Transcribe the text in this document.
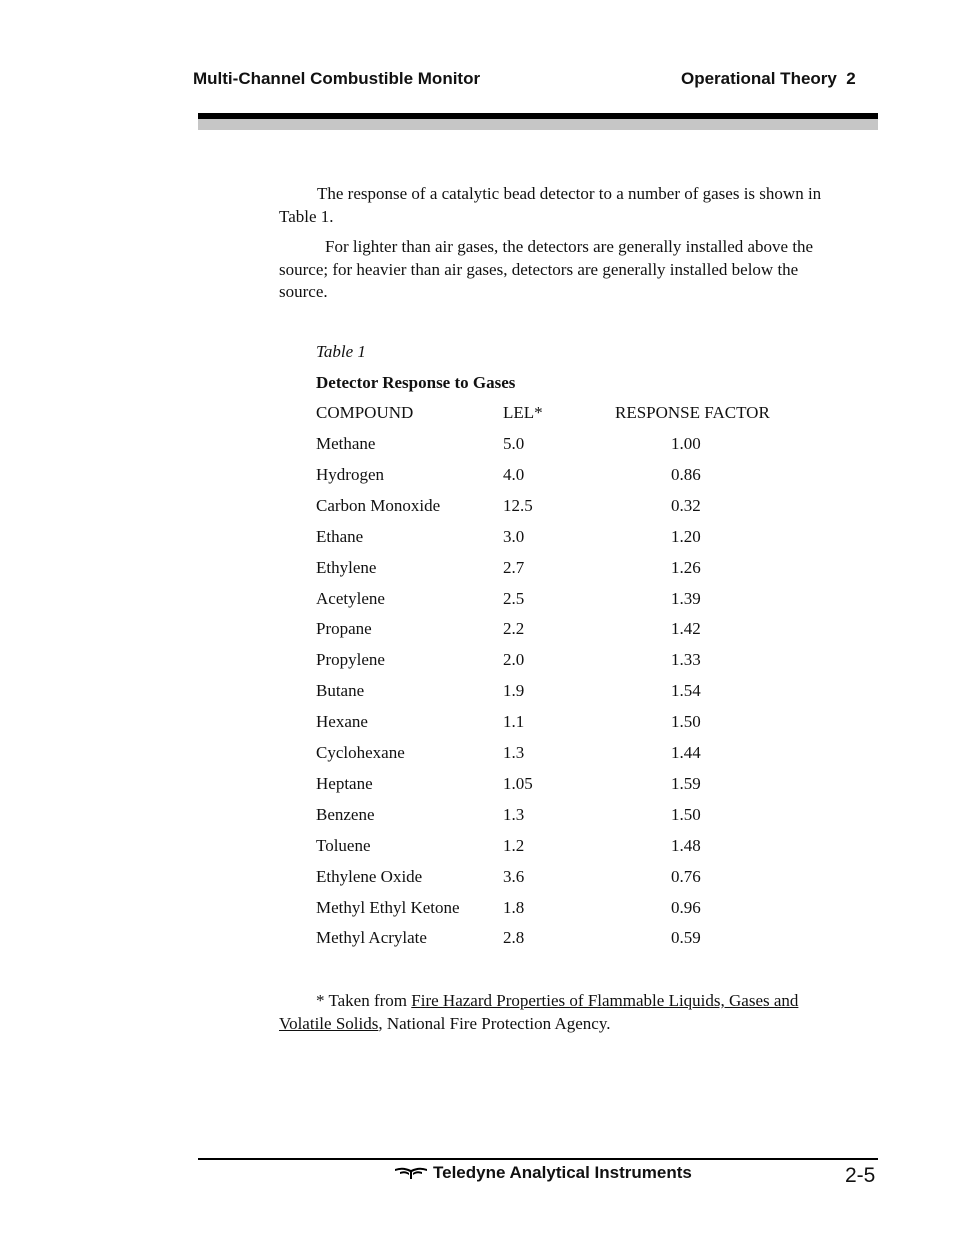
Multi-Channel Combustible Monitor	Operational Theory  2

The response of a catalytic bead detector to a number of gases is shown in Table 1.

For lighter than air gases, the detectors are generally installed above the source; for heavier than air gases, detectors are generally installed below the source.

Table 1
Detector Response to Gases
COMPOUND	LEL*	RESPONSE FACTOR
Methane	5.0	1.00
Hydrogen	4.0	0.86
Carbon Monoxide	12.5	0.32
Ethane	3.0	1.20
Ethylene	2.7	1.26
Acetylene	2.5	1.39
Propane	2.2	1.42
Propylene	2.0	1.33
Butane	1.9	1.54
Hexane	1.1	1.50
Cyclohexane	1.3	1.44
Heptane	1.05	1.59
Benzene	1.3	1.50
Toluene	1.2	1.48
Ethylene Oxide	3.6	0.76
Methyl Ethyl Ketone	1.8	0.96
Methyl Acrylate	2.8	0.59

* Taken from Fire Hazard Properties of Flammable Liquids, Gases and Volatile Solids, National Fire Protection Agency.

Teledyne Analytical Instruments	2-5
